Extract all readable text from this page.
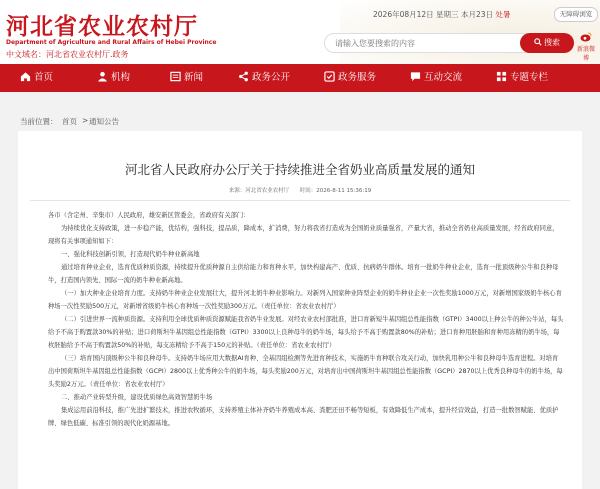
河北省农业农村厅
Department of Agriculture and Rural Affairs of Hebei Province
中文域名：河北省农业农村厅.政务
2026年08月12日 星期三 本月23日 处暑	无障碍浏览
请输入您要搜索的内容
搜索
新浪微博
首页	机构	新闻	政务公开	政务服务	互动交流	专题专栏
当前位置： 首页 > 通知公告
河北省人民政府办公厅关于持续推进全省奶业高质量发展的通知
来源：河北省农业农村厅 时间：2026-8-11 15:36:19

各市（含定州、辛集市）人民政府，雄安新区管委会，省政府有关部门：

为持续优化支持政策，进一步稳产能，优结构，强科技，提品质，降成本，扩消费，努力将我省打造成为全国奶业质量强省，产量大省，推动全省奶业高质量发展，经省政府同意，现将有关事项通知如下：

一、强化科技创新引领，打造现代奶牛种业新高地

通过培育种业企业，选育优质种质资源，持续提升优质种源自主供给能力和育种水平，加快构建高产、优质、抗病奶牛群体。培育一批奶牛种业企业，选育一批顶级种公牛和良种母牛，打造国内领先、国际一流的奶牛种业新高地。

（一）加大种业企业培育力度。支持奶牛种业企业发展壮大，提升河北奶牛种业影响力。对新列入国家种业阵型企业的奶牛种业企业一次性奖励1000万元，对新增国家级奶牛核心育种场一次性奖励500万元，对新增省级奶牛核心育种场一次性奖励300万元。（责任单位：省农业农村厅）

（二）引进世界一流种质资源。支持利用全球优质种质资源赋能我省奶牛业发展。对经农业农村部批准，进口育新短牛基因组总性能指数（GTPI）3400以上种公牛的种公牛站，每头给予不高于购置款30%的补贴；进口荷斯坦牛基因组总性能指数（GTPI）3300以上良种母牛的奶牛场，每头给予不高于购置款80%的补贴；进口育种用胚胎和育种用冻精的奶牛场，每枚胚胎给予不高于购置款50%的补贴，每支冻精给予不高于150元的补贴。（责任单位：省农业农村厅）

（三）培育国内顶级种公牛和良种母牛。支持奶牛场应用大数据AI育种、全基因组检测等先进育种技术，实施奶牛育种联合攻关行动，加快乳用种公牛和良种母牛选育进程。对培育出中国荷斯坦牛基因组总性能指数（GCPI）2800以上优秀种公牛的奶牛场，每头奖励200万元，对培育出中国荷斯坦牛基因组总性能指数（GCPI）2870以上优秀良种母牛的奶牛场，每头奖励2万元。（责任单位：省农业农村厅）

二、推动产业转型升级，建设优质绿色高效智慧奶牛场

集成运用前沿科技，推广先进扩繁技术，推进农牧循环，支持养殖主体补齐奶牛养殖成本高、粪肥还田不畅等短板，有效降低生产成本，提升经营效益，打造一批数智赋能、优质护牌、绿色低碳、标准引领的现代化奶源基地。
